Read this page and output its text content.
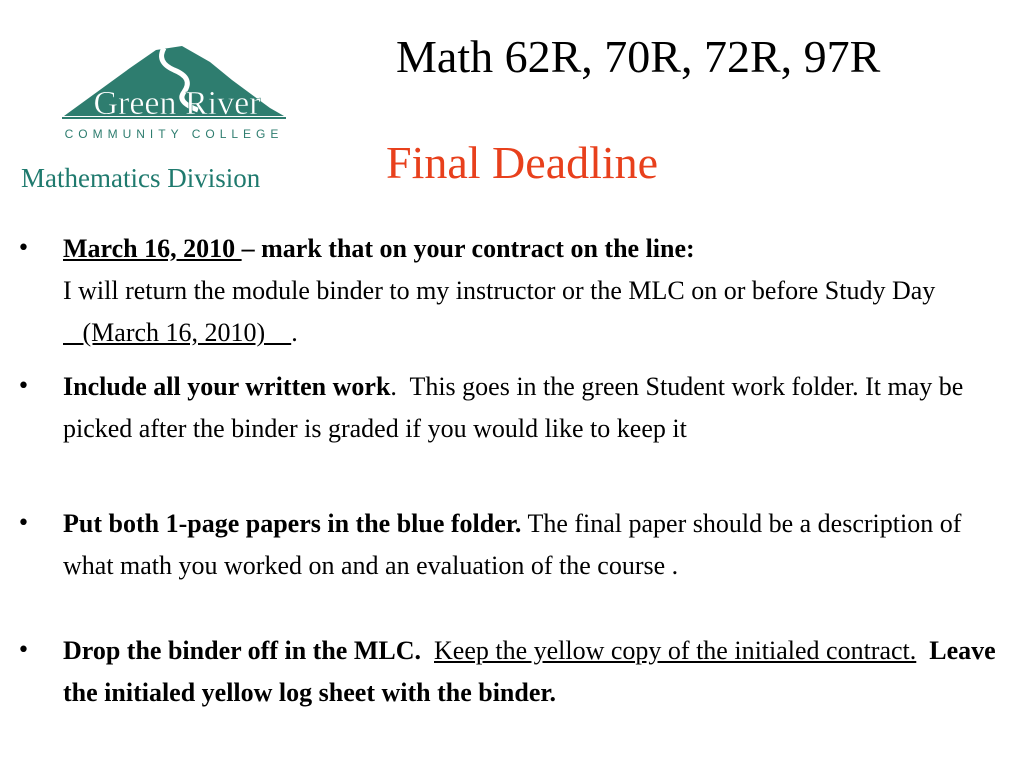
Green River
COMMUNITY COLLEGE
Mathematics Division
Math 62R, 70R, 72R, 97R
Final Deadline
• March 16, 2010 – mark that on your contract on the line:
I will return the module binder to my instructor or the MLC on or before Study Day    (March 16, 2010)    .
• Include all your written work.  This goes in the green Student work folder. It may be picked after the binder is graded if you would like to keep it
• Put both 1-page papers in the blue folder. The final paper should be a description of what math you worked on and an evaluation of the course .
• Drop the binder off in the MLC. Keep the yellow copy of the initialed contract. Leave the initialed yellow log sheet with the binder.
